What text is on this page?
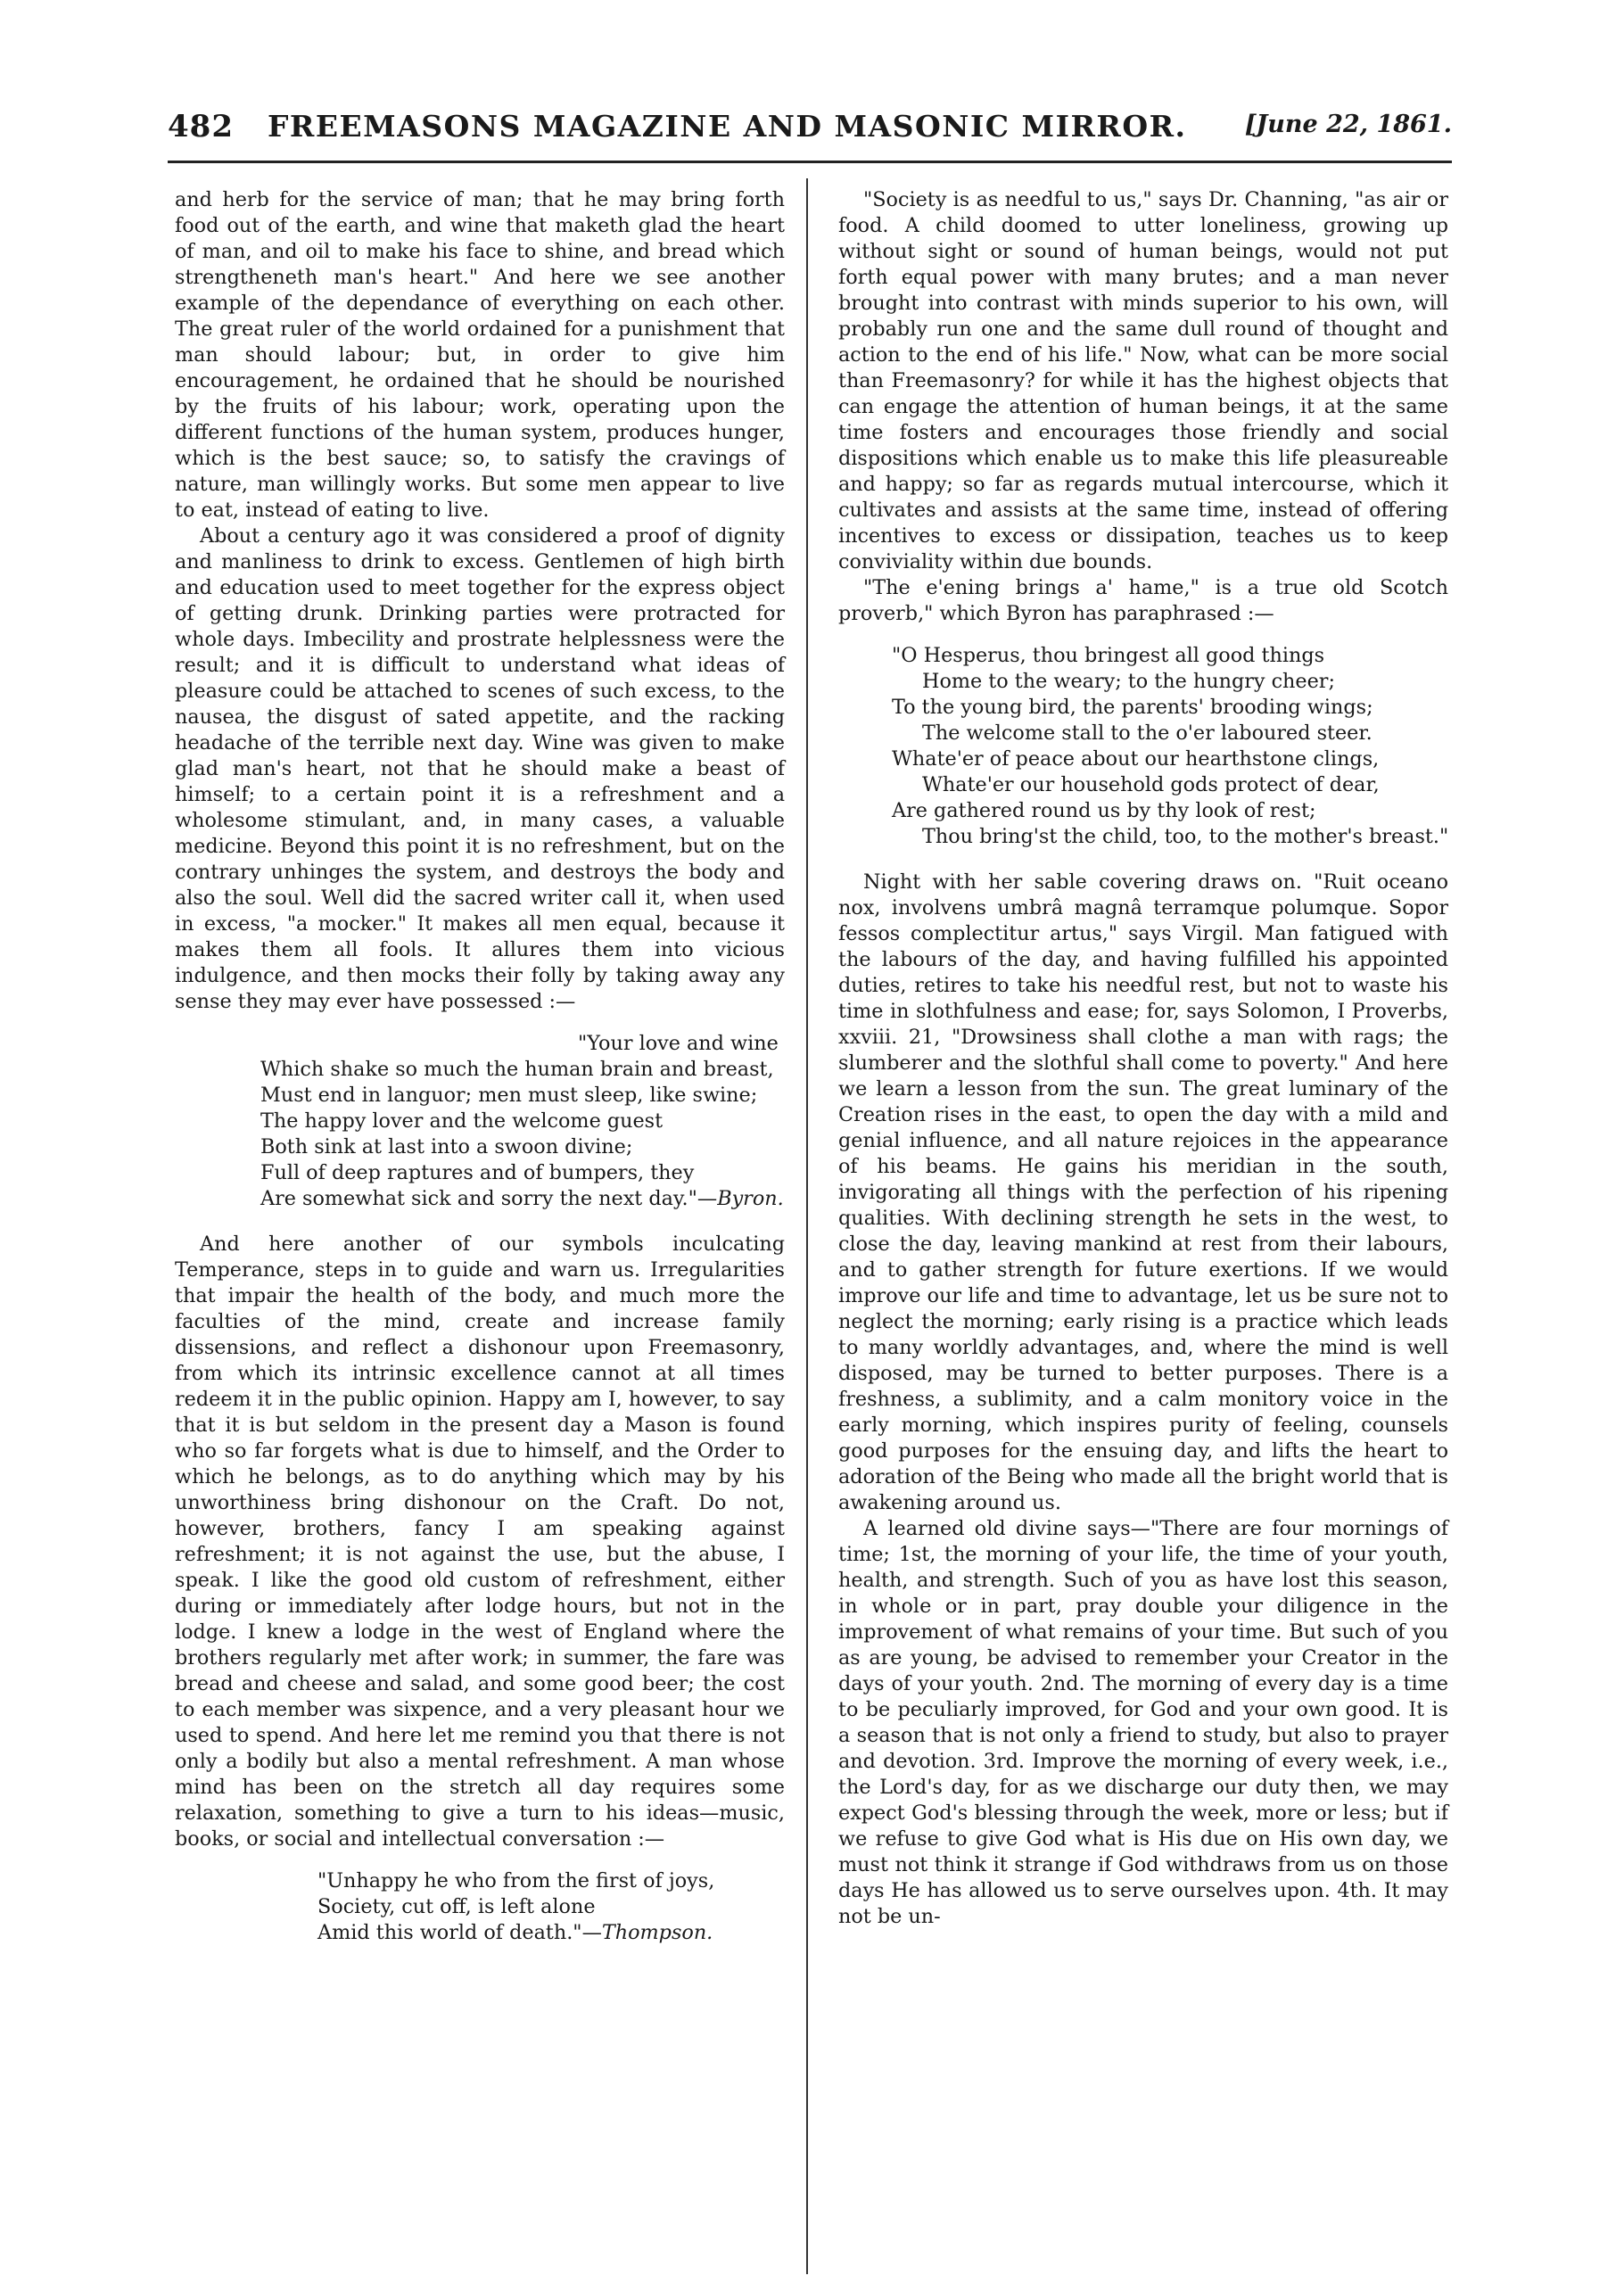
482 FREEMASONS MAGAZINE AND MASONIC MIRROR. [June 22, 1861.

and herb for the service of man; that he may bring forth food out of the earth, and wine that maketh glad the heart of man, and oil to make his face to shine, and bread which strengtheneth man's heart." And here we see another example of the dependance of everything on each other. The great ruler of the world ordained for a punishment that man should labour; but, in order to give him encouragement, he ordained that he should be nourished by the fruits of his labour; work, operating upon the different functions of the human system, produces hunger, which is the best sauce; so, to satisfy the cravings of nature, man willingly works. But some men appear to live to eat, instead of eating to live.

About a century ago it was considered a proof of dignity and manliness to drink to excess. Gentlemen of high birth and education used to meet together for the express object of getting drunk. Drinking parties were protracted for whole days. Imbecility and prostrate helplessness were the result; and it is difficult to understand what ideas of pleasure could be attached to scenes of such excess, to the nausea, the disgust of sated appetite, and the racking headache of the terrible next day. Wine was given to make glad man's heart, not that he should make a beast of himself; to a certain point it is a refreshment and a wholesome stimulant, and, in many cases, a valuable medicine. Beyond this point it is no refreshment, but on the contrary unhinges the system, and destroys the body and also the soul. Well did the sacred writer call it, when used in excess, "a mocker." It makes all men equal, because it makes them all fools. It allures them into vicious indulgence, and then mocks their folly by taking away any sense they may ever have possessed :—

"Your love and wine
Which shake so much the human brain and breast,
Must end in languor; men must sleep, like swine;
The happy lover and the welcome guest
Both sink at last into a swoon divine;
Full of deep raptures and of bumpers, they
Are somewhat sick and sorry the next day."—Byron.

And here another of our symbols inculcating Temperance, steps in to guide and warn us. Irregularities that impair the health of the body, and much more the faculties of the mind, create and increase family dissensions, and reflect a dishonour upon Freemasonry, from which its intrinsic excellence cannot at all times redeem it in the public opinion. Happy am I, however, to say that it is but seldom in the present day a Mason is found who so far forgets what is due to himself, and the Order to which he belongs, as to do anything which may by his unworthiness bring dishonour on the Craft. Do not, however, brothers, fancy I am speaking against refreshment; it is not against the use, but the abuse, I speak. I like the good old custom of refreshment, either during or immediately after lodge hours, but not in the lodge. I knew a lodge in the west of England where the brothers regularly met after work; in summer, the fare was bread and cheese and salad, and some good beer; the cost to each member was sixpence, and a very pleasant hour we used to spend. And here let me remind you that there is not only a bodily but also a mental refreshment. A man whose mind has been on the stretch all day requires some relaxation, something to give a turn to his ideas—music, books, or social and intellectual conversation :—

"Unhappy he who from the first of joys,
Society, cut off, is left alone
Amid this world of death."—Thompson.

"Society is as needful to us," says Dr. Channing, "as air or food. A child doomed to utter loneliness, growing up without sight or sound of human beings, would not put forth equal power with many brutes; and a man never brought into contrast with minds superior to his own, will probably run one and the same dull round of thought and action to the end of his life." Now, what can be more social than Freemasonry? for while it has the highest objects that can engage the attention of human beings, it at the same time fosters and encourages those friendly and social dispositions which enable us to make this life pleasureable and happy; so far as regards mutual intercourse, which it cultivates and assists at the same time, instead of offering incentives to excess or dissipation, teaches us to keep conviviality within due bounds.

"The e'ening brings a' hame," is a true old Scotch proverb," which Byron has paraphrased :—

"O Hesperus, thou bringest all good things
Home to the weary; to the hungry cheer;
To the young bird, the parents' brooding wings;
The welcome stall to the o'er laboured steer.
Whate'er of peace about our hearthstone clings,
Whate'er our household gods protect of dear,
Are gathered round us by thy look of rest;
Thou bring'st the child, too, to the mother's breast."

Night with her sable covering draws on. "Ruit oceano nox, involvens umbrâ magnâ terramque polumque. Sopor fessos complectitur artus," says Virgil. Man fatigued with the labours of the day, and having fulfilled his appointed duties, retires to take his needful rest, but not to waste his time in slothfulness and ease; for, says Solomon, I Proverbs, xxviii. 21, "Drowsiness shall clothe a man with rags; the slumberer and the slothful shall come to poverty." And here we learn a lesson from the sun. The great luminary of the Creation rises in the east, to open the day with a mild and genial influence, and all nature rejoices in the appearance of his beams. He gains his meridian in the south, invigorating all things with the perfection of his ripening qualities. With declining strength he sets in the west, to close the day, leaving mankind at rest from their labours, and to gather strength for future exertions. If we would improve our life and time to advantage, let us be sure not to neglect the morning; early rising is a practice which leads to many worldly advantages, and, where the mind is well disposed, may be turned to better purposes. There is a freshness, a sublimity, and a calm monitory voice in the early morning, which inspires purity of feeling, counsels good purposes for the ensuing day, and lifts the heart to adoration of the Being who made all the bright world that is awakening around us.

A learned old divine says—"There are four mornings of time; 1st, the morning of your life, the time of your youth, health, and strength. Such of you as have lost this season, in whole or in part, pray double your diligence in the improvement of what remains of your time. But such of you as are young, be advised to remember your Creator in the days of your youth. 2nd. The morning of every day is a time to be peculiarly improved, for God and your own good. It is a season that is not only a friend to study, but also to prayer and devotion. 3rd. Improve the morning of every week, i.e., the Lord's day, for as we discharge our duty then, we may expect God's blessing through the week, more or less; but if we refuse to give God what is His due on His own day, we must not think it strange if God withdraws from us on those days He has allowed us to serve ourselves upon. 4th. It may not be un-
